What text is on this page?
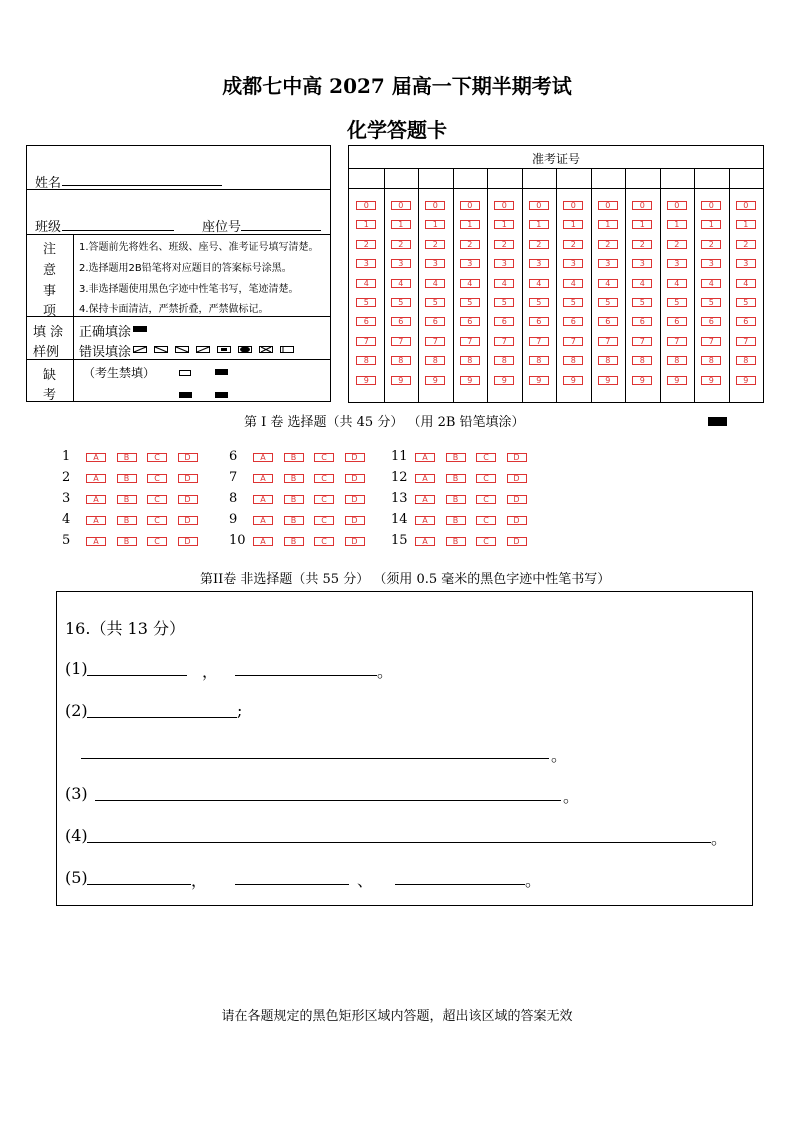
成都七中高 2027 届高一下期半期考试
化学答题卡
姓名
班级	座位号
注
意
事
项
1.答题前先将姓名、班级、座号、准考证号填写清楚。
2.选择题用2B铅笔将对应题目的答案标号涂黑。
3.非选择题使用黑色字迹中性笔书写，笔迹清楚。
4.保持卡面清洁，严禁折叠，严禁做标记。
填 涂
样例
正确填涂
错误填涂
缺
考
（考生禁填）
准考证号
0	0	0	0	0	0	0	0	0	0	0	0
1	1	1	1	1	1	1	1	1	1	1	1
2	2	2	2	2	2	2	2	2	2	2	2
3	3	3	3	3	3	3	3	3	3	3	3
4	4	4	4	4	4	4	4	4	4	4	4
5	5	5	5	5	5	5	5	5	5	5	5
6	6	6	6	6	6	6	6	6	6	6	6
7	7	7	7	7	7	7	7	7	7	7	7
8	8	8	8	8	8	8	8	8	8	8	8
9	9	9	9	9	9	9	9	9	9	9	9
第 I 卷 选择题（共 45 分） （用 2B 铅笔填涂）
1	A	B	C	D
2	A	B	C	D
3	A	B	C	D
4	A	B	C	D
5	A	B	C	D
6	A	B	C	D
7	A	B	C	D
8	A	B	C	D
9	A	B	C	D
10	A	B	C	D
11	A	B	C	D
12	A	B	C	D
13	A	B	C	D
14	A	B	C	D
15	A	B	C	D
第II卷 非选择题（共 55 分） （须用 0.5 毫米的黑色字迹中性笔书写）
16.（共 13 分）
(1)	，	。
(2)	;
。
(3)	。
(4)	。
(5)	，	、	。
请在各题规定的黑色矩形区域内答题，超出该区域的答案无效
